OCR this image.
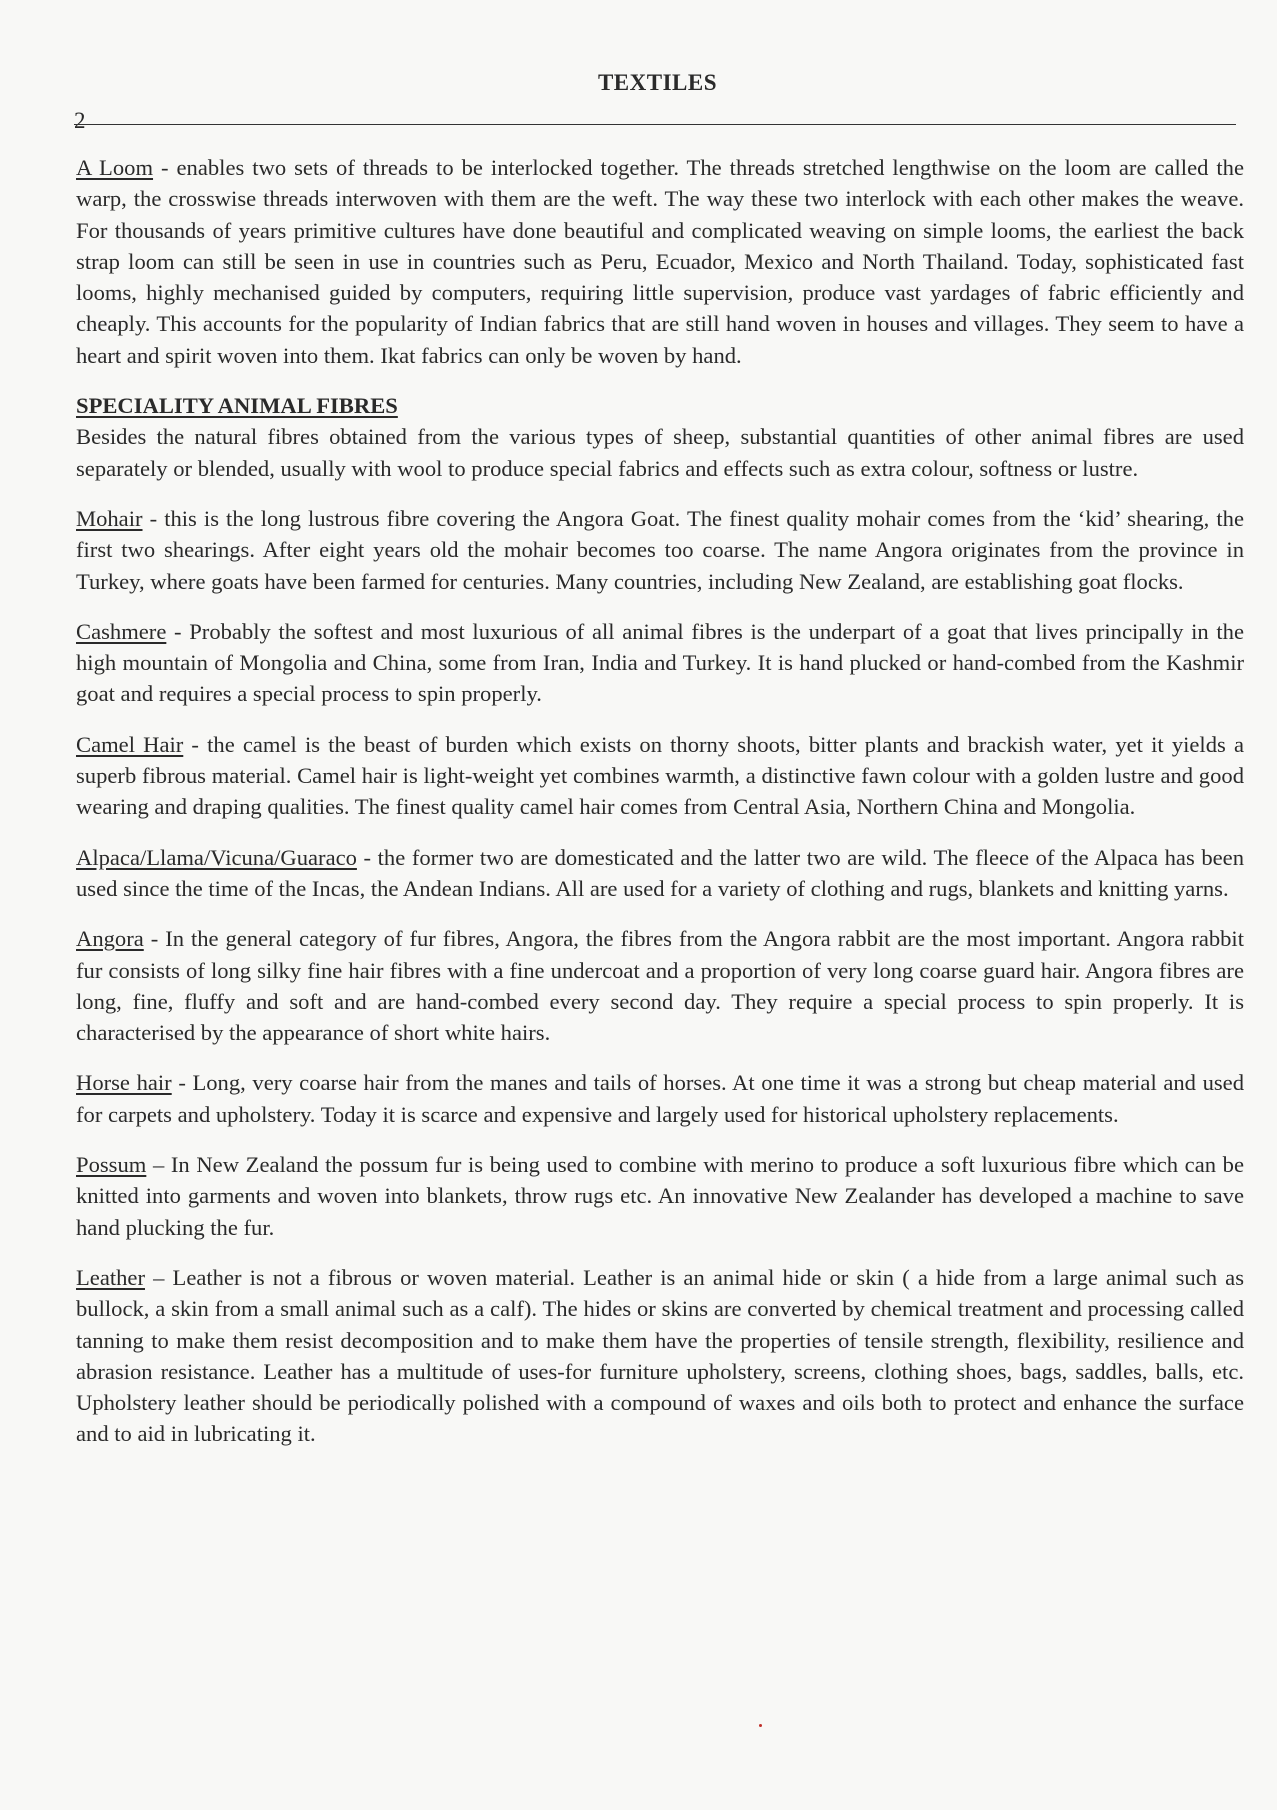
TEXTILES
2

A Loom - enables two sets of threads to be interlocked together. The threads stretched lengthwise on the loom are called the warp, the crosswise threads interwoven with them are the weft. The way these two interlock with each other makes the weave. For thousands of years primitive cultures have done beautiful and complicated weaving on simple looms, the earliest the back strap loom can still be seen in use in countries such as Peru, Ecuador, Mexico and North Thailand. Today, sophisticated fast looms, highly mechanised guided by computers, requiring little supervision, produce vast yardages of fabric efficiently and cheaply. This accounts for the popularity of Indian fabrics that are still hand woven in houses and villages. They seem to have a heart and spirit woven into them. Ikat fabrics can only be woven by hand.

SPECIALITY ANIMAL FIBRES

Besides the natural fibres obtained from the various types of sheep, substantial quantities of other animal fibres are used separately or blended, usually with wool to produce special fabrics and effects such as extra colour, softness or lustre.

Mohair - this is the long lustrous fibre covering the Angora Goat. The finest quality mohair comes from the ‘kid’ shearing, the first two shearings. After eight years old the mohair becomes too coarse. The name Angora originates from the province in Turkey, where goats have been farmed for centuries. Many countries, including New Zealand, are establishing goat flocks.

Cashmere - Probably the softest and most luxurious of all animal fibres is the underpart of a goat that lives principally in the high mountain of Mongolia and China, some from Iran, India and Turkey. It is hand plucked or hand-combed from the Kashmir goat and requires a special process to spin properly.

Camel Hair - the camel is the beast of burden which exists on thorny shoots, bitter plants and brackish water, yet it yields a superb fibrous material. Camel hair is light-weight yet combines warmth, a distinctive fawn colour with a golden lustre and good wearing and draping qualities. The finest quality camel hair comes from Central Asia, Northern China and Mongolia.

Alpaca/Llama/Vicuna/Guaraco - the former two are domesticated and the latter two are wild. The fleece of the Alpaca has been used since the time of the Incas, the Andean Indians. All are used for a variety of clothing and rugs, blankets and knitting yarns.

Angora - In the general category of fur fibres, Angora, the fibres from the Angora rabbit are the most important. Angora rabbit fur consists of long silky fine hair fibres with a fine undercoat and a proportion of very long coarse guard hair. Angora fibres are long, fine, fluffy and soft and are hand-combed every second day. They require a special process to spin properly. It is characterised by the appearance of short white hairs.

Horse hair - Long, very coarse hair from the manes and tails of horses. At one time it was a strong but cheap material and used for carpets and upholstery. Today it is scarce and expensive and largely used for historical upholstery replacements.

Possum – In New Zealand the possum fur is being used to combine with merino to produce a soft luxurious fibre which can be knitted into garments and woven into blankets, throw rugs etc. An innovative New Zealander has developed a machine to save hand plucking the fur.

Leather – Leather is not a fibrous or woven material. Leather is an animal hide or skin ( a hide from a large animal such as bullock, a skin from a small animal such as a calf). The hides or skins are converted by chemical treatment and processing called tanning to make them resist decomposition and to make them have the properties of tensile strength, flexibility, resilience and abrasion resistance. Leather has a multitude of uses-for furniture upholstery, screens, clothing shoes, bags, saddles, balls, etc. Upholstery leather should be periodically polished with a compound of waxes and oils both to protect and enhance the surface and to aid in lubricating it.
